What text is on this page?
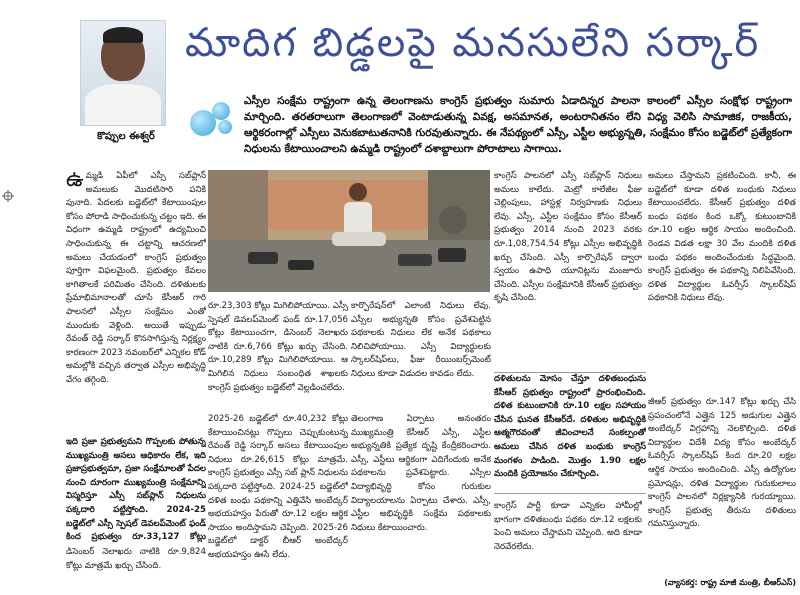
కొప్పుల ఈశ్వర్
మాదిగ బిడ్డలపై మనసులేని సర్కార్

ఎస్సీల సంక్షేమ రాష్ట్రంగా ఉన్న తెలంగాణను కాంగ్రెస్ ప్రభుత్వం సుమారు ఏడాదిన్నర పాలనా కాలంలో ఎస్సీల సంక్షోభ రాష్ట్రంగా మార్చింది. తరతరాలుగా తెలంగాణలో వెంటాడుతున్న వివక్ష, అసమానత, అంటరానితనం లేని విధ్య వెలిసి సామాజిక, రాజకీయ, ఆర్థికరంగాల్లో ఎస్సీలు వెనుకబాటుతనానికి గురవుతున్నారు. ఈ నేపథ్యంలో ఎస్సీ, ఎస్టీల అభ్యున్నతి, సంక్షేమం కోసం బడ్జెట్‌లో ప్రత్యేకంగా నిధులను కేటాయించాలని ఉమ్మడి రాష్ట్రంలో దశాబ్దాలుగా పోరాటాలు సాగాయి.

ఉ మ్మడి ఏపీలో ఎస్సీ సబ్‌ప్లాన్ అమలుకు మొదటిసారి పనికి పునాది. పేదలకు బడ్జెట్‌లో కేటాయింపుల కోసం పోరాడి సాధించుకున్న చట్టం ఇది. ఈ విధంగా ఉమ్మడి రాష్ట్రంలో ఉద్యమించి సాధించుకున్న ఈ చట్టాన్ని ఆచరణలో అమలు చేయడంలో కాంగ్రెస్ ప్రభుత్వం పూర్తిగా విఫలమైంది. ప్రభుత్వం కేవలం కాగితాలకే పరిమితం చేసింది. దళితులకు ప్రేమాభిమానాలతో చూసే కేసీఆర్ గారి పాలనలో ఎస్సీల సంక్షేమం ఎంతో ముందుకు వెళ్లింది. అయితే ఇప్పుడు రేవంత్ రెడ్డి సర్కార్ కొనసాగిస్తున్న నిర్లక్ష్యం కారణంగా 2023 నవంబర్‌లో ఎన్నికల కోడ్ అమల్లోకి వచ్చిన తర్వాత ఎస్సీల అభివృద్ధి వేగం తగ్గింది.

ఇది ప్రజా ప్రభుత్వమని గొప్పలకు పోతున్న ముఖ్యమంత్రి అసలు ఆధికారం లేక, ఇది ప్రజాప్రభుత్వమా, ప్రజా సంక్షేమాలతో పేదల నుంచి దూరంగా ముఖ్యమంత్రి సంక్షేమాన్ని విస్మరిస్తూ ఎస్సీ సబ్‌ప్లాన్ నిధులను పక్కదారి పట్టిస్తోంది. 2024-25 బడ్జెట్‌లో ఎస్సీ స్పెషల్ డెవలప్‌మెంట్ ఫండ్ కింద ప్రభుత్వం రూ.33,127 కోట్లు
డిసెంబర్ నెలాఖరు నాటికి రూ.9,824 కోట్లు మాత్రమే ఖర్చు చేసింది.
రూ.23,303 కోట్లు మిగిలిపోయాయి. ఎస్సీ స్పెషల్ డెవలప్‌మెంట్ ఫండ్ రూ.17,056 కోట్లు కేటాయించగా, డిసెంబర్ నెలాఖరు నాటికి రూ.6,766 కోట్లు ఖర్చు చేసింది. రూ.10,289 కోట్లు మిగిలిపోయాయి. ఆ మిగిలిన నిధులు సంబంధిత శాఖలకు కాంగ్రెస్ ప్రభుత్వం బడ్జెట్‌లో వెల్లడించలేదు.
కార్పొరేషన్‌లో ఎలాంటి నిధులు లేవు. ఎస్సీల అభ్యున్నతి కోసం ప్రవేశపెట్టిన పథకాలకు నిధులు లేక అనేక పథకాలు నిలిచిపోయాయి. ఎస్సీ విద్యార్థులకు స్కాలర్‌షిప్‌లు, ఫీజు రీయింబర్స్‌మెంట్ నిధులు కూడా విడుదల కావడం లేదు.
2025-26 బడ్జెట్‌లో రూ.40,232 కోట్లు కేటాయించినట్లు గొప్పలు చెప్పుకుంటున్న రేవంత్ రెడ్డి సర్కార్ అసలు కేటాయింపుల నిధులు రూ.26,615 కోట్లు మాత్రమే. కాంగ్రెస్ ప్రభుత్వం ఎస్సీ సబ్ ప్లాన్ నిధులను పక్కదారి పట్టిస్తోంది. 2024-25 బడ్జెట్‌లో దళిత బంధు పథకాన్ని ఎత్తివేసి అంబేద్కర్ అభయహస్తం పేరుతో రూ.12 లక్షల ఆర్థిక సాయం అందిస్తామని చెప్పింది. 2025-26 బడ్జెట్‌లో డాక్టర్ బీఆర్ అంబేద్కర్ అభయహస్తం ఊసే లేదు.
తెలంగాణ ఏర్పాటు అనంతరం ముఖ్యమంత్రి కేసీఆర్ ఎస్సీ, ఎస్టీల అభ్యున్నతికి ప్రత్యేక దృష్టి కేంద్రీకరించారు. ఎస్సీ, ఎస్టీలు ఆర్థికంగా ఎదిగేందుకు అనేక పథకాలను ప్రవేశపెట్టారు. ఎస్సీల విద్యాభివృద్ధి కోసం గురుకుల విద్యాలయాలను ఏర్పాటు చేశారు. ఎస్సీ, ఎస్టీల అభివృద్ధికి సంక్షేమ పథకాలకు నిధులు కేటాయించారు.
కాంగ్రెస్ పాలనలో ఎస్సీ సబ్‌ప్లాన్ నిధులు అమలు కాలేదు. మెట్రో కాలేజీల ఫీజు చెల్లింపులు, హాస్టళ్ల నిర్వహణకు నిధులు లేవు. ఎస్సీ, ఎస్టీల సంక్షేమం కోసం కేసీఆర్ ప్రభుత్వం 2014 నుంచి 2023 వరకు రూ.1,08,754.54 కోట్లు ఎస్సీల అభివృద్ధికి ఖర్చు చేసింది. ఎస్సీ కార్పొరేషన్ ద్వారా స్వయం ఉపాధి యూనిట్లను మంజూరు చేసింది. ఎస్సీల సంక్షేమానికి కేసీఆర్ ప్రభుత్వం కృషి చేసింది.
దళితులను మోసం చేస్తూ దళితబంధును కేసీఆర్ ప్రభుత్వం రాష్ట్రంలో ప్రారంభించింది. దళిత కుటుంబానికి రూ.10 లక్షల సహాయం చేసిన ఘనత కేసీఆర్‌దే. దళితుల అభివృద్ధికి ఆత్మగౌరవంతో జీవించాలనే సంకల్పంతో అమలు చేసిన దళిత బంధుకు కాంగ్రెస్ మంగళం పాడింది. మొత్తం 1.90 లక్షల మందికి ప్రయోజనం చేకూర్చింది.
కాంగ్రెస్ పార్టీ కూడా ఎన్నికల హామీల్లో భాగంగా దళితబంధు పథకం రూ.12 లక్షలకు పెంచి అమలు చేస్తామని చెప్పింది. అది కూడా నెరవేరలేదు.
అమలు చేస్తామని ప్రకటించింది. కానీ, ఈ బడ్జెట్‌లో కూడా దళిత బంధుకు నిధులు కేటాయించలేదు. కేసీఆర్ ప్రభుత్వం దళిత బంధు పథకం కింద ఒక్కో కుటుంబానికి రూ.10 లక్షల ఆర్థిక సాయం అందించింది. రెండవ విడత లక్షా 30 వేల మందికి దళిత బంధు పథకం అందించేందుకు సిద్ధమైంది. కాంగ్రెస్ ప్రభుత్వం ఈ పథకాన్ని నిలిపివేసింది. దళిత విద్యార్థుల ఓవర్సీస్ స్కాలర్‌షిప్ పథకానికి నిధులు లేవు.
జీఆర్ ప్రభుత్వం రూ.147 కోట్లు ఖర్చు చేసి ప్రపంచంలోనే ఎత్తైన 125 అడుగుల ఎత్తైన అంబేద్కర్ విగ్రహాన్ని నెలకొల్పింది. దళిత విద్యార్థుల విదేశీ విద్య కోసం అంబేద్కర్ ఓవర్సీస్ స్కాలర్‌షిప్ కింద రూ.20 లక్షల ఆర్థిక సాయం అందించింది. ఎస్సీ ఉద్యోగుల ప్రమోషన్లు, దళిత విద్యార్థుల గురుకులాలు కాంగ్రెస్ పాలనలో నిర్లక్ష్యానికి గురయ్యాయి. కాంగ్రెస్ ప్రభుత్వ తీరును దళితులు గమనిస్తున్నారు.
(వ్యాసకర్త: రాష్ట్ర మాజీ మంత్రి, బీఆర్ఎస్)
